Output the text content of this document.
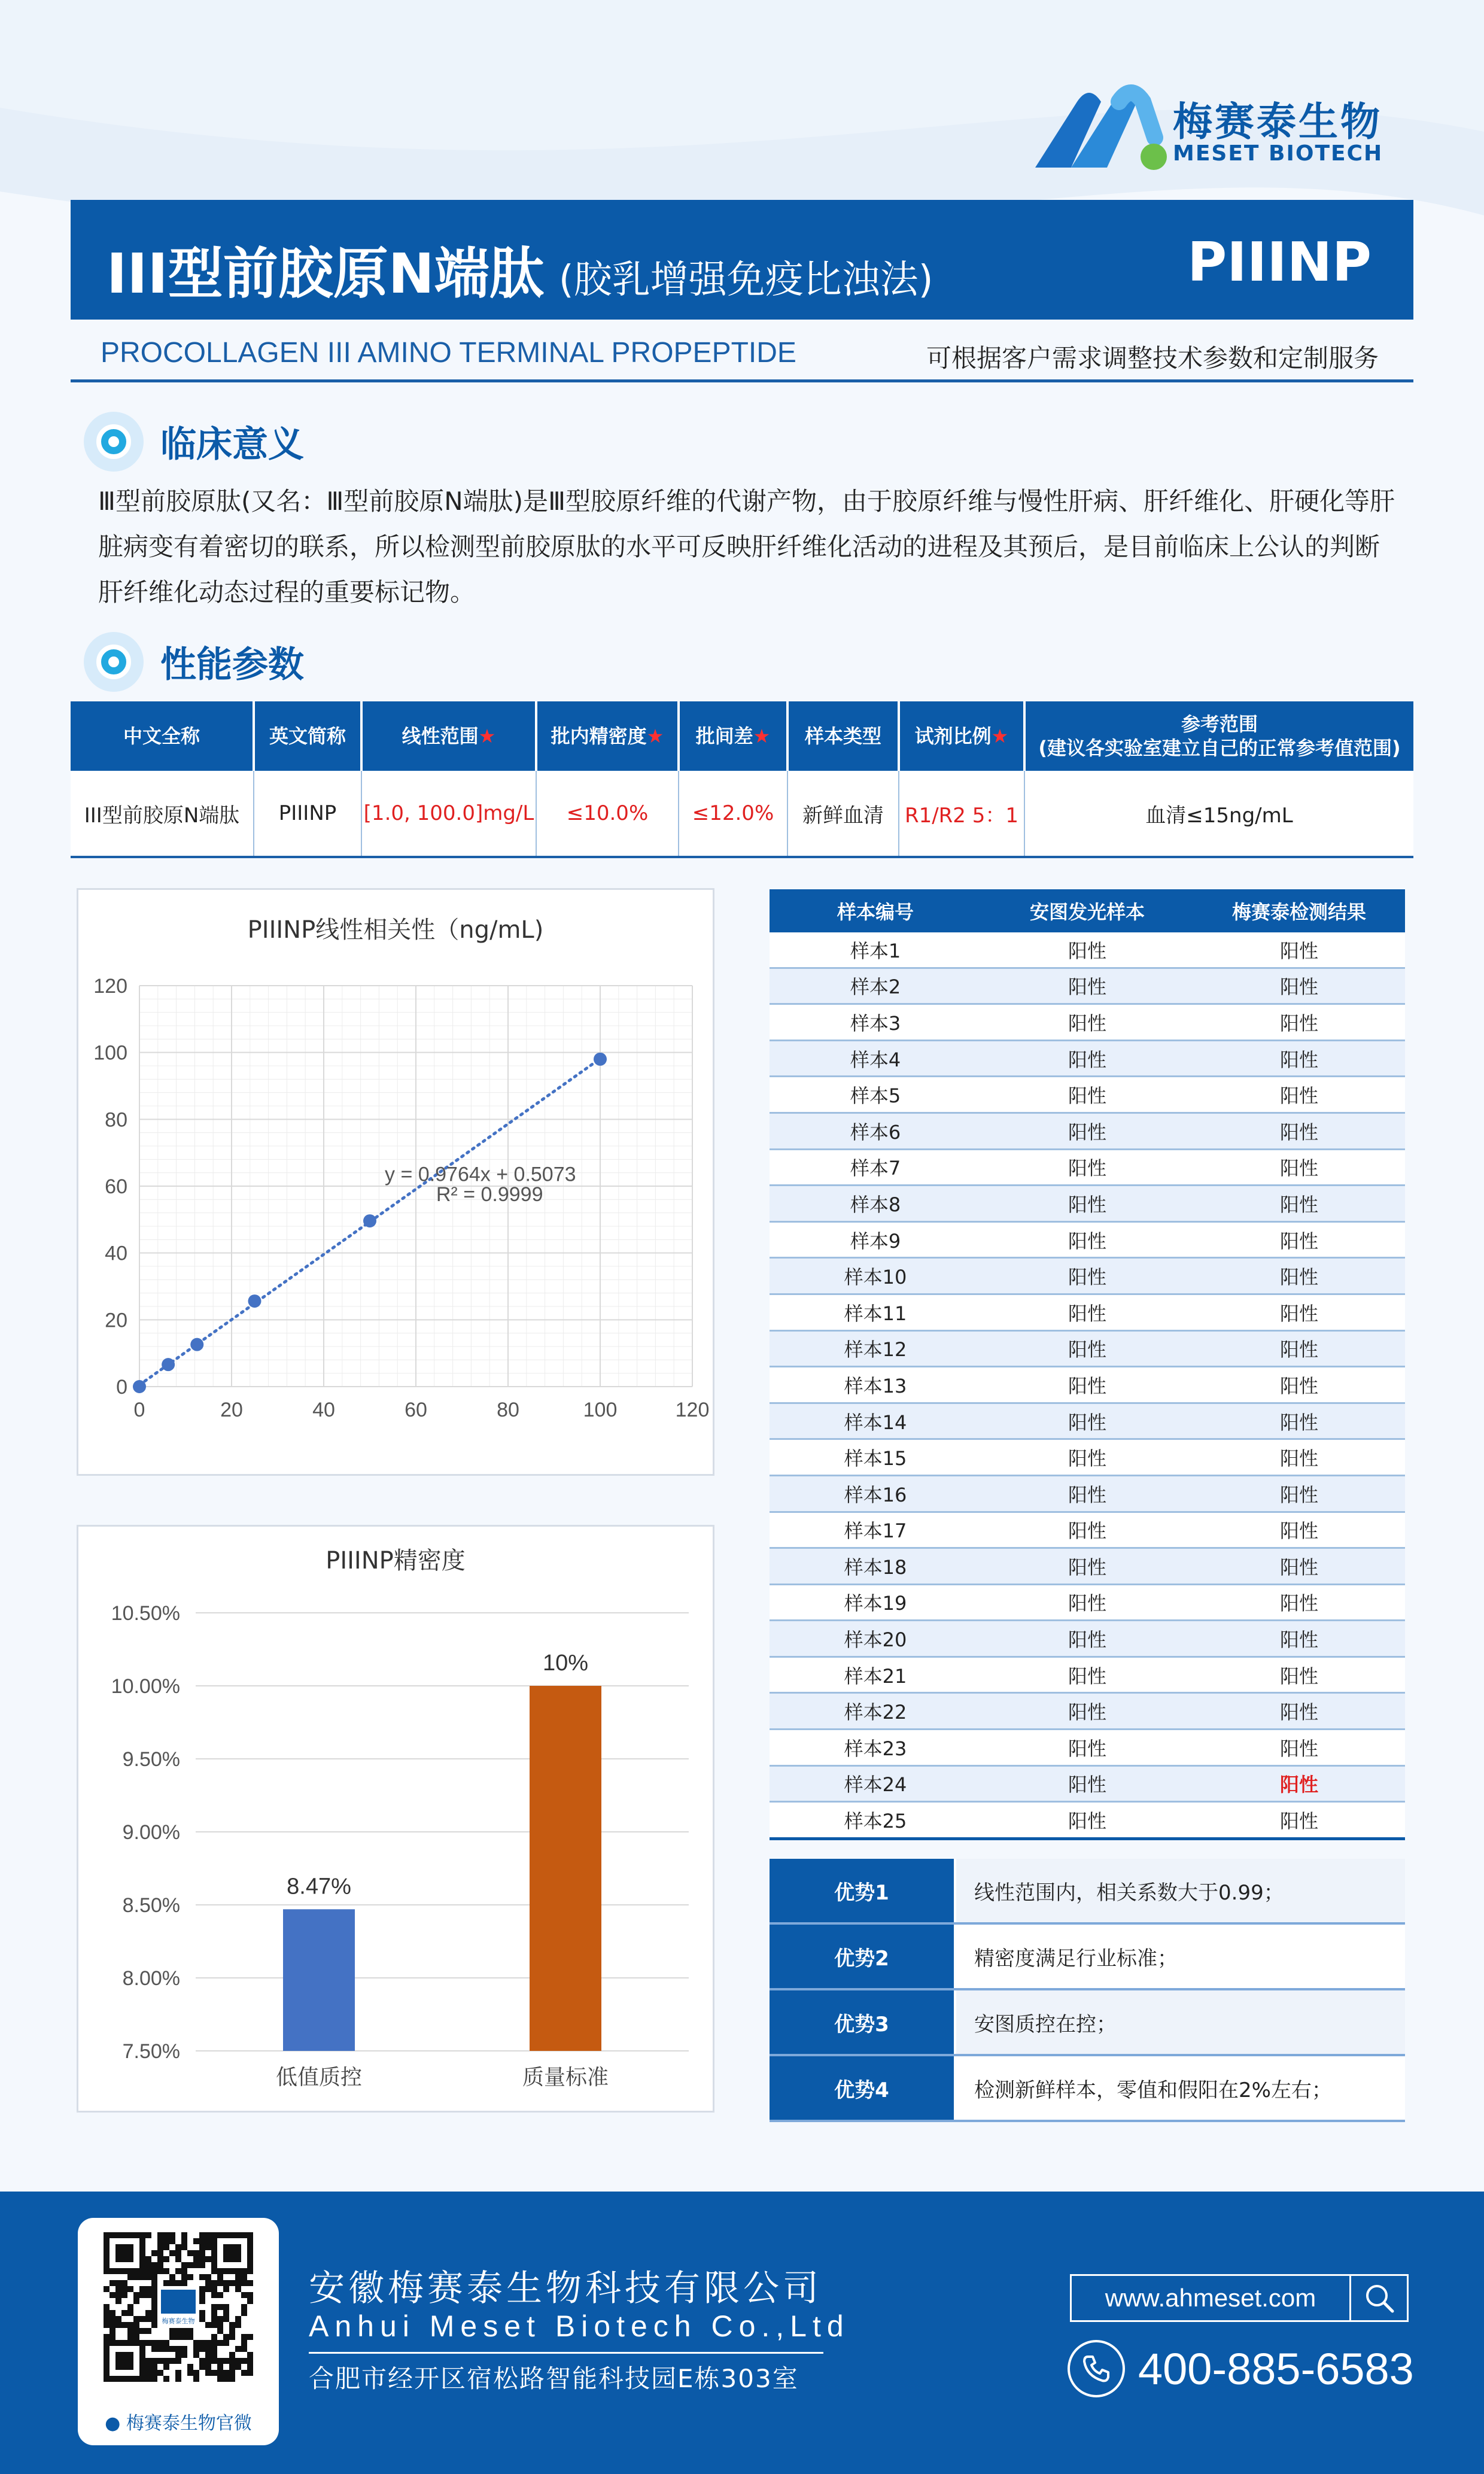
梅赛泰生物
MESET BIOTECH
III型前胶原N端肽 (胶乳增强免疫比浊法)	PIIINP
PROCOLLAGEN III AMINO TERMINAL PROPEPTIDE	可根据客户需求调整技术参数和定制服务
临床意义
Ⅲ型前胶原肽(又名：Ⅲ型前胶原N端肽)是Ⅲ型胶原纤维的代谢产物，由于胶原纤维与慢性肝病、肝纤维化、肝硬化等肝脏病变有着密切的联系，所以检测型前胶原肽的水平可反映肝纤维化活动的进程及其预后，是目前临床上公认的判断肝纤维化动态过程的重要标记物。
性能参数
中文全称	英文简称	线性范围★	批内精密度★	批间差★	样本类型	试剂比例★	参考范围
(建议各实验室建立自己的正常参考值范围)

III型前胶原N端肽	PIIINP	[1.0, 100.0]mg/L	≤10.0%	≤12.0%	新鲜血清	R1/R2 5：1	血清≤15ng/mL
PIIINP线性相关性（ng/mL)
0	20	40	60	80	100	120
0
20
40
60
80
100
120
y = 0.9764x + 0.5073
R² = 0.9999
PIIINP精密度
7.50%
8.00%
8.50%
9.00%
9.50%
10.00%
10.50%
8.47%
低值质控
10%
质量标准
样本编号	安图发光样本	梅赛泰检测结果
样本1	阳性	阳性
样本2	阳性	阳性
样本3	阳性	阳性
样本4	阳性	阳性
样本5	阳性	阳性
样本6	阳性	阳性
样本7	阳性	阳性
样本8	阳性	阳性
样本9	阳性	阳性
样本10	阳性	阳性
样本11	阳性	阳性
样本12	阳性	阳性
样本13	阳性	阳性
样本14	阳性	阳性
样本15	阳性	阳性
样本16	阳性	阳性
样本17	阳性	阳性
样本18	阳性	阳性
样本19	阳性	阳性
样本20	阳性	阳性
样本21	阳性	阳性
样本22	阳性	阳性
样本23	阳性	阳性
样本24	阳性	阳性
样本25	阳性	阳性
优势1	线性范围内，相关系数大于0.99；
优势2	精密度满足行业标准；
优势3	安图质控在控；
优势4	检测新鲜样本，零值和假阳在2%左右；
梅赛泰生物
● 梅赛泰生物官微
安徽梅赛泰生物科技有限公司
Anhui Meset Biotech Co.,Ltd
合肥市经开区宿松路智能科技园E栋303室
www.ahmeset.com
400-885-6583
